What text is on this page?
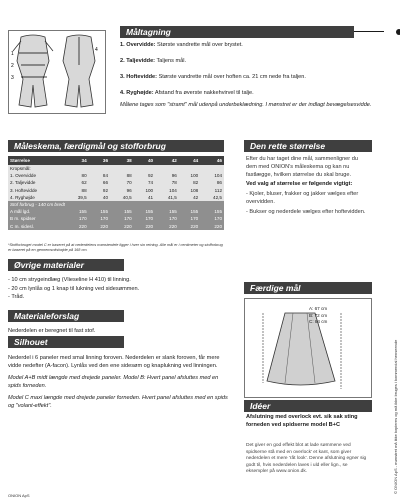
Måltagning
1
2
3
4

1. Overvidde: Største vandrette mål over brystet.

2. Taljevidde: Taljens mål.

3. Hoftevidde: Største vandrette mål over hoften ca. 21 cm nede fra taljen.

4. Ryghøjde: Afstand fra øverste nakkehvirvel til talje.

Målene tages som "stramt" mål udenpå underbeklædning. I mønstret er der indlagt bevægelsesvidde.

Måleskema, færdigmål og stofforbrug
Størrelse	34	36	38	40	42	44	46
Kropsmål:							
1. Overvidde	80	84	88	92	96	100	104
2. Taljevidde	62	66	70	74	78	82	86
3. Hoftevidde	88	92	96	100	104	108	112
4. Ryghøjde	39,5	40	40,5	41	41,5	42	42,5
Stof forbrug - 140 cm bredt							
A mål lgd.	155	155	155	155	155	155	155
B m. spidser	170	170	170	170	170	170	170
C m. sidesl.	220	220	220	220	220	220	220
*Stofforbruget model C er baseret på at nederdelens mønsterdele ligger i hver sin retning. Alle mål er i centimeter og stofforbrug er baseret på en gennemsnitshøjde på 168 cm.
Øvrige materialer
- 10 cm strygeindlæg (Vlieseline H 410) til linning.
- 20 cm lynlås og 1 knap til lukning ved sidesømmen.
- Tråd.
Materialeforslag
Nederdelen er beregnet til fast stof.
Silhouet

Nederdel i 6 paneler med smal linning foroven. Nederdelen er slank foroven, får mere vidde nedefter (A-facon). Lynlås ved den ene sidesøm og knaplukning ved linningen.

Model A+B midt længde med drejede paneler. Model B: Hvert panel afsluttes med en spids forneden.

Model C maxi længde med drejede paneler forneden. Hvert panel afsluttes med en spids og "volant-effekt".

Den rette størrelse

Efter du har taget dine mål, sammenligner du dem med ONION's måleskema og kan nu fastlægge, hvilken størrelse du skal bruge.

Ved valg af størrelse er følgende vigtigt:

- Kjoler, bluser, frakker og jakker vælges efter overvidden.

- Bukser og nederdele vælges efter hoftevidden.

Færdige mål
A: 67 cm
B: 72 cm
C: 84 cm
Idéer
Afslutning med overlock evt. sik sak sting forneden ved spidserne model B+C
Det giver en god effekt blot at lade sømmene ved spidserne stå med en overlock' et kant, som giver nederdelen et mere 'råt look'. Denne afslutning egner sig godt til, hvis nederdelen laves i uld eller lign., se eksempler på www.onion.dk.	© ONION ApS - mønstret må ikke kopieres og må ikke bruges i kommercial henseende
ONION ApS
